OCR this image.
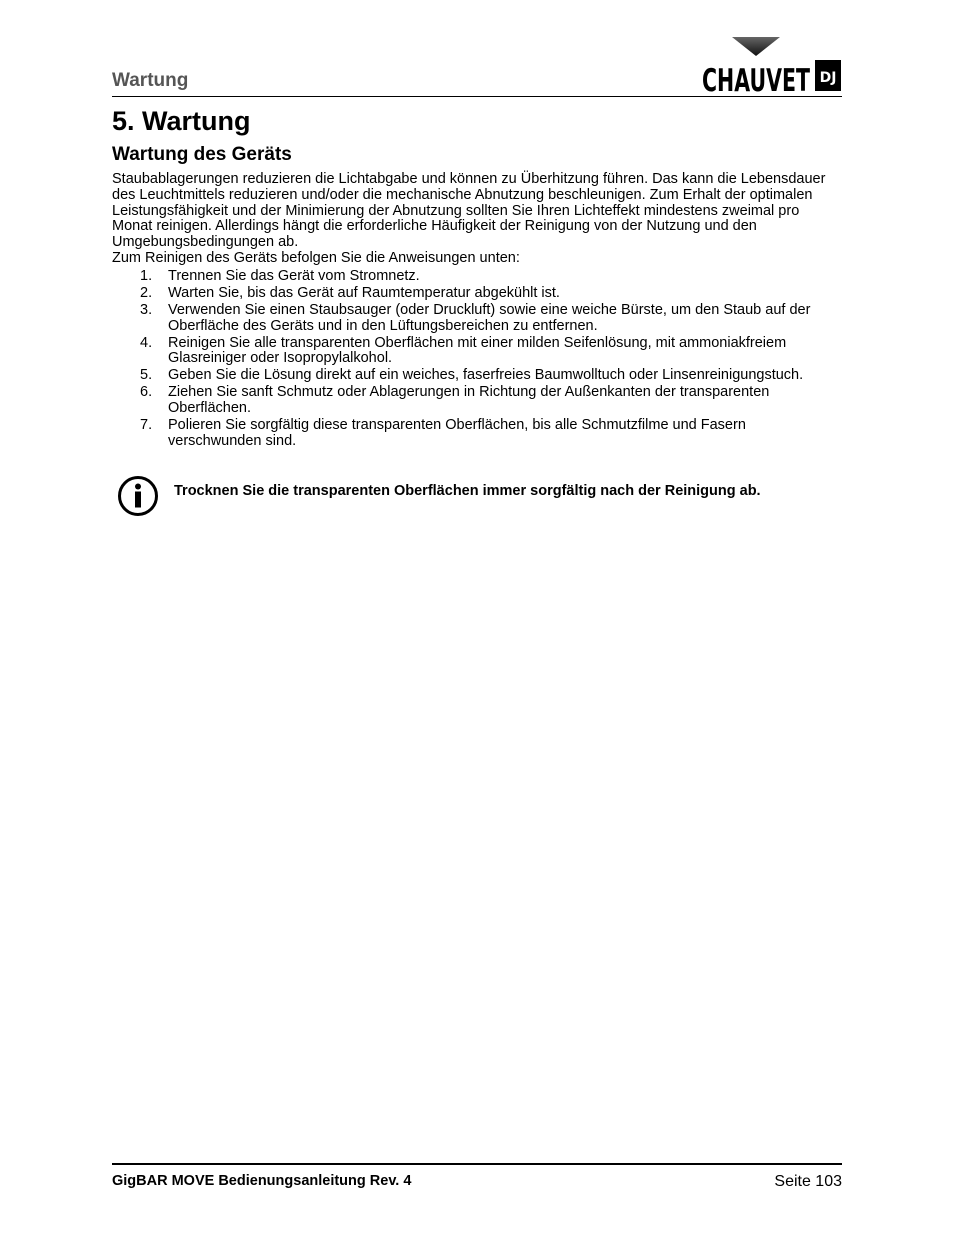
Wartung	CHAUVET DJ
5. Wartung
Wartung des Geräts

Staubablagerungen reduzieren die Lichtabgabe und können zu Überhitzung führen. Das kann die Lebensdauer des Leuchtmittels reduzieren und/oder die mechanische Abnutzung beschleunigen. Zum Erhalt der optimalen Leistungsfähigkeit und der Minimierung der Abnutzung sollten Sie Ihren Lichteffekt mindestens zweimal pro Monat reinigen. Allerdings hängt die erforderliche Häufigkeit der Reinigung von der Nutzung und den Umgebungsbedingungen ab.

Zum Reinigen des Geräts befolgen Sie die Anweisungen unten:

1.	Trennen Sie das Gerät vom Stromnetz.
2.	Warten Sie, bis das Gerät auf Raumtemperatur abgekühlt ist.
3.	Verwenden Sie einen Staubsauger (oder Druckluft) sowie eine weiche Bürste, um den Staub auf der Oberfläche des Geräts und in den Lüftungsbereichen zu entfernen.
4.	Reinigen Sie alle transparenten Oberflächen mit einer milden Seifenlösung, mit ammoniakfreiem Glasreiniger oder Isopropylalkohol.
5.	Geben Sie die Lösung direkt auf ein weiches, faserfreies Baumwolltuch oder Linsenreinigungstuch.
6.	Ziehen Sie sanft Schmutz oder Ablagerungen in Richtung der Außenkanten der transparenten Oberflächen.
7.	Polieren Sie sorgfältig diese transparenten Oberflächen, bis alle Schmutzfilme und Fasern verschwunden sind.
Trocknen Sie die transparenten Oberflächen immer sorgfältig nach der Reinigung ab.
GigBAR MOVE Bedienungsanleitung Rev. 4	Seite 103
